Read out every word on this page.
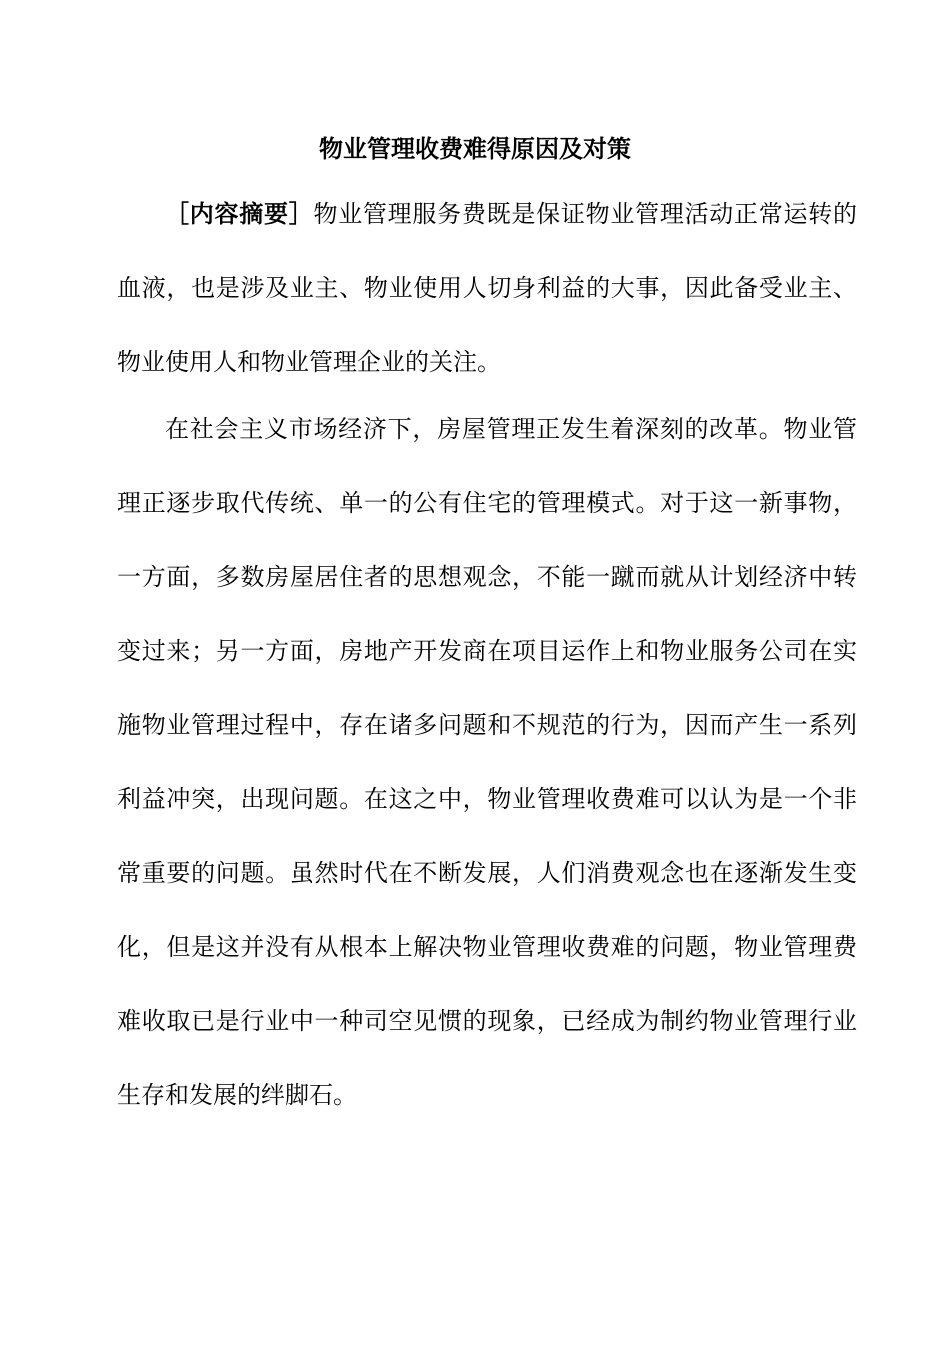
物业管理收费难得原因及对策

［内容摘要］物业管理服务费既是保证物业管理活动正常运转的血液，也是涉及业主、物业使用人切身利益的大事，因此备受业主、物业使用人和物业管理企业的关注。

在社会主义市场经济下，房屋管理正发生着深刻的改革。物业管理正逐步取代传统、单一的公有住宅的管理模式。对于这一新事物，一方面，多数房屋居住者的思想观念，不能一蹴而就从计划经济中转变过来；另一方面，房地产开发商在项目运作上和物业服务公司在实施物业管理过程中，存在诸多问题和不规范的行为，因而产生一系列利益冲突，出现问题。在这之中，物业管理收费难可以认为是一个非常重要的问题。虽然时代在不断发展，人们消费观念也在逐渐发生变化，但是这并没有从根本上解决物业管理收费难的问题，物业管理费难收取已是行业中一种司空见惯的现象，已经成为制约物业管理行业生存和发展的绊脚石。
